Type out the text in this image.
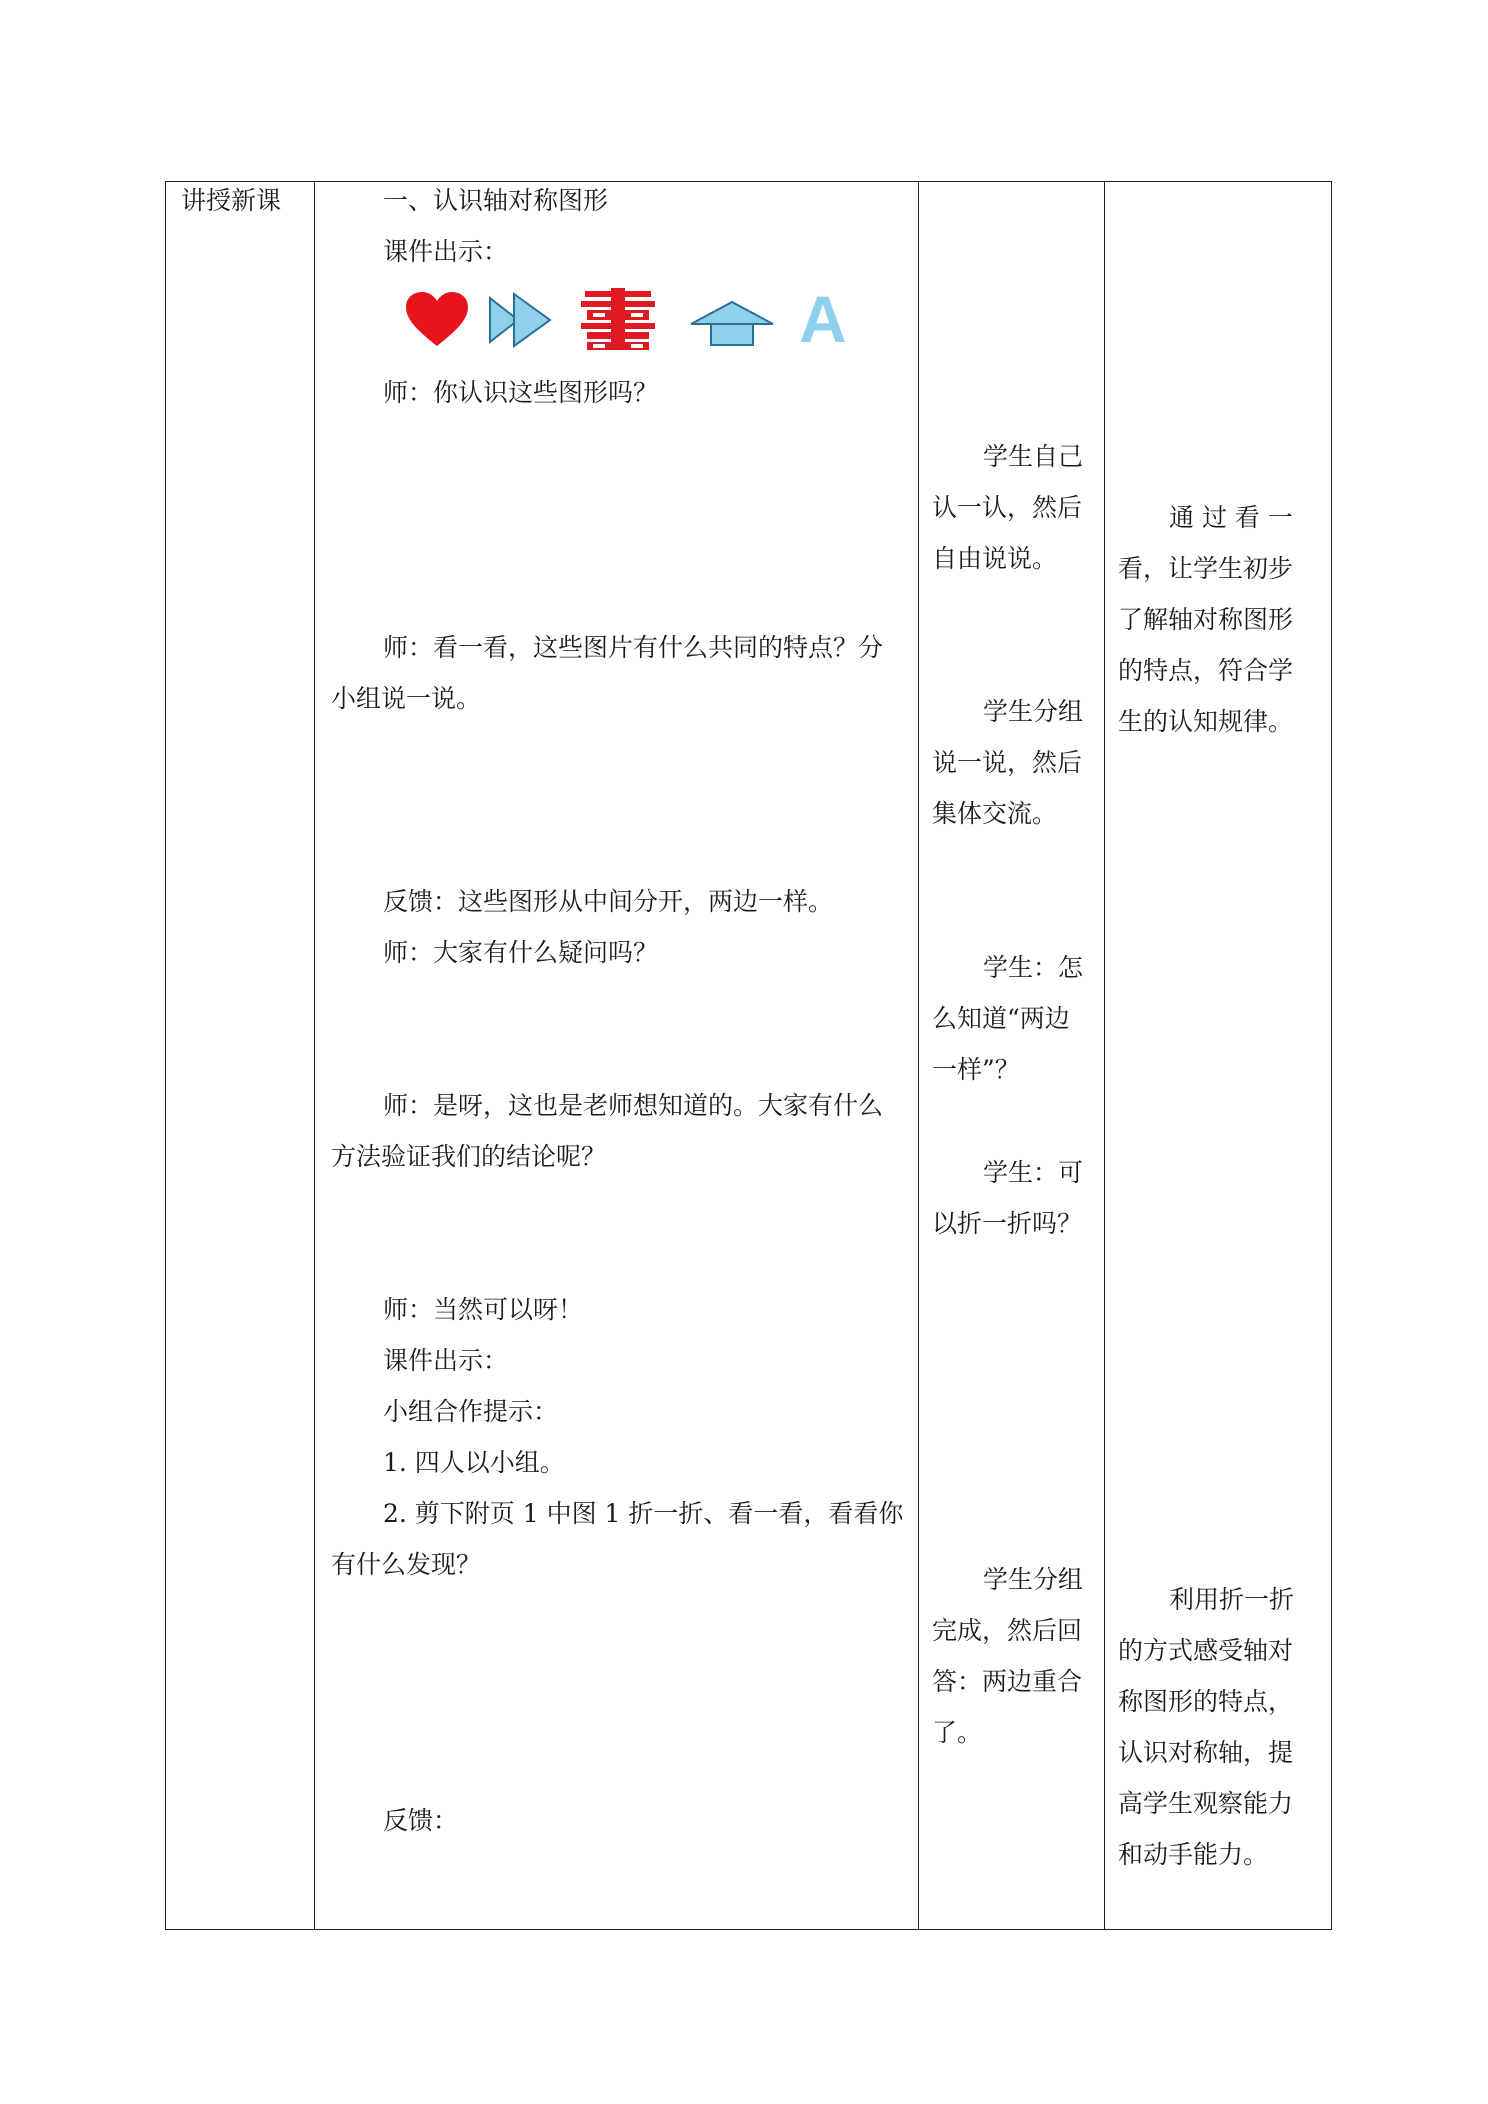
讲授新课	一、认识轴对称图形
课件出示：
A
师：你认识这些图形吗？
师：看一看，这些图片有什么共同的特点？分
小组说一说。
反馈：这些图形从中间分开，两边一样。
师：大家有什么疑问吗？
师：是呀，这也是老师想知道的。大家有什么
方法验证我们的结论呢？
师：当然可以呀！
课件出示：
小组合作提示：
1. 四人以小组。
2. 剪下附页 1 中图 1 折一折、看一看，看看你
有什么发现？
反馈：
学生自己
认一认，然后
自由说说。
学生分组
说一说，然后
集体交流。
学生：怎
么知道“两边
一样”？
学生：可
以折一折吗？
学生分组
完成，然后回
答：两边重合
了。
通 过 看 一
看，让学生初步
了解轴对称图形
的特点，符合学
生的认知规律。
利用折一折
的方式感受轴对
称图形的特点，
认识对称轴，提
高学生观察能力
和动手能力。
